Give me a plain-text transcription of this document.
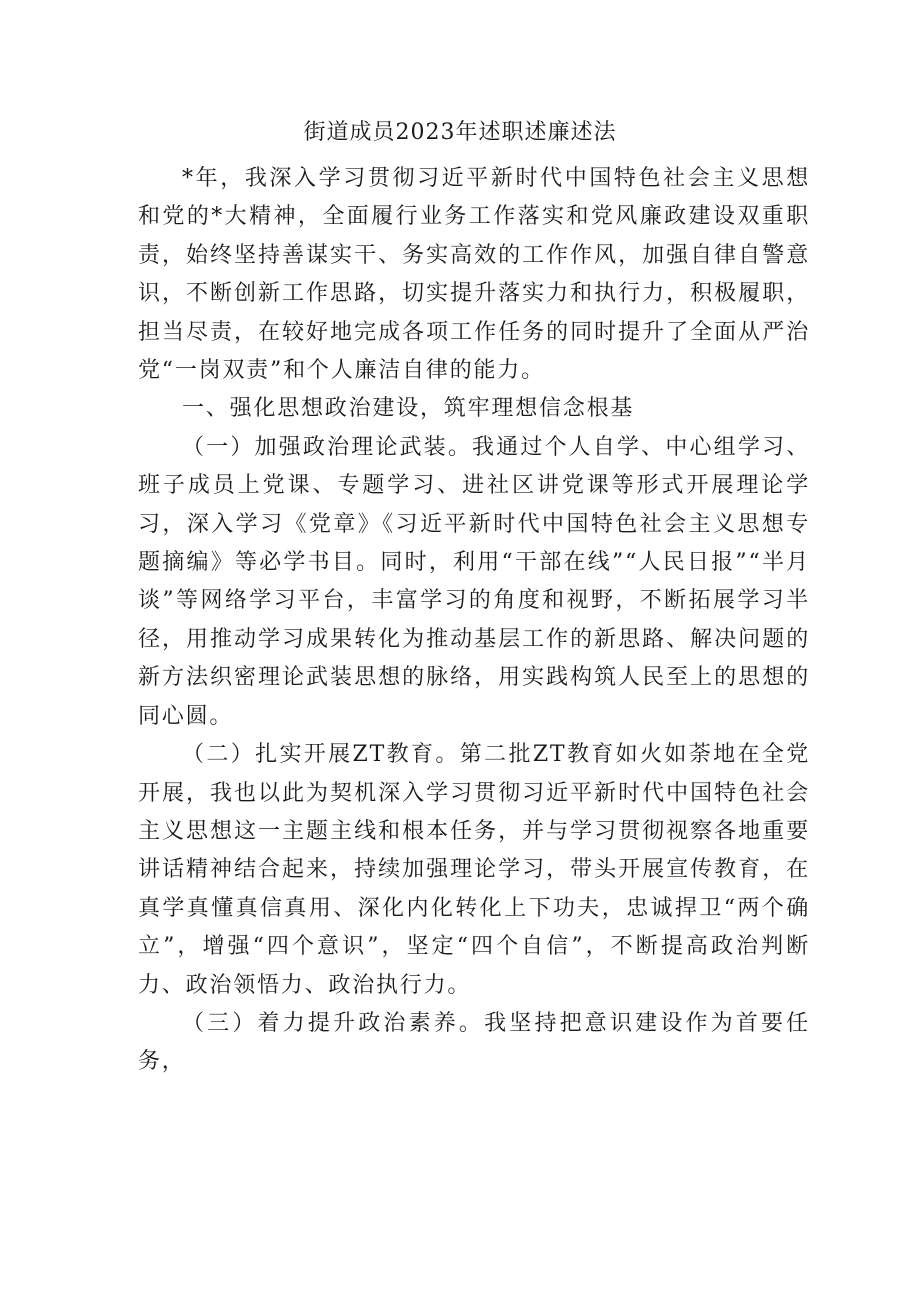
街道成员2023年述职述廉述法

*年，我深入学习贯彻习近平新时代中国特色社会主义思想和党的*大精神，全面履行业务工作落实和党风廉政建设双重职责，始终坚持善谋实干、务实高效的工作作风，加强自律自警意识，不断创新工作思路，切实提升落实力和执行力，积极履职，担当尽责，在较好地完成各项工作任务的同时提升了全面从严治党“一岗双责”和个人廉洁自律的能力。

一、强化思想政治建设，筑牢理想信念根基

（一）加强政治理论武装。我通过个人自学、中心组学习、班子成员上党课、专题学习、进社区讲党课等形式开展理论学习，深入学习《党章》《习近平新时代中国特色社会主义思想专题摘编》等必学书目。同时，利用“干部在线”“人民日报”“半月谈”等网络学习平台，丰富学习的角度和视野，不断拓展学习半径，用推动学习成果转化为推动基层工作的新思路、解决问题的新方法织密理论武装思想的脉络，用实践构筑人民至上的思想的同心圆。

（二）扎实开展ZT教育。第二批ZT教育如火如荼地在全党开展，我也以此为契机深入学习贯彻习近平新时代中国特色社会主义思想这一主题主线和根本任务，并与学习贯彻视察各地重要讲话精神结合起来，持续加强理论学习，带头开展宣传教育，在真学真懂真信真用、深化内化转化上下功夫，忠诚捍卫“两个确立”，增强“四个意识”，坚定“四个自信”，不断提高政治判断力、政治领悟力、政治执行力。

（三）着力提升政治素养。我坚持把意识建设作为首要任务，
